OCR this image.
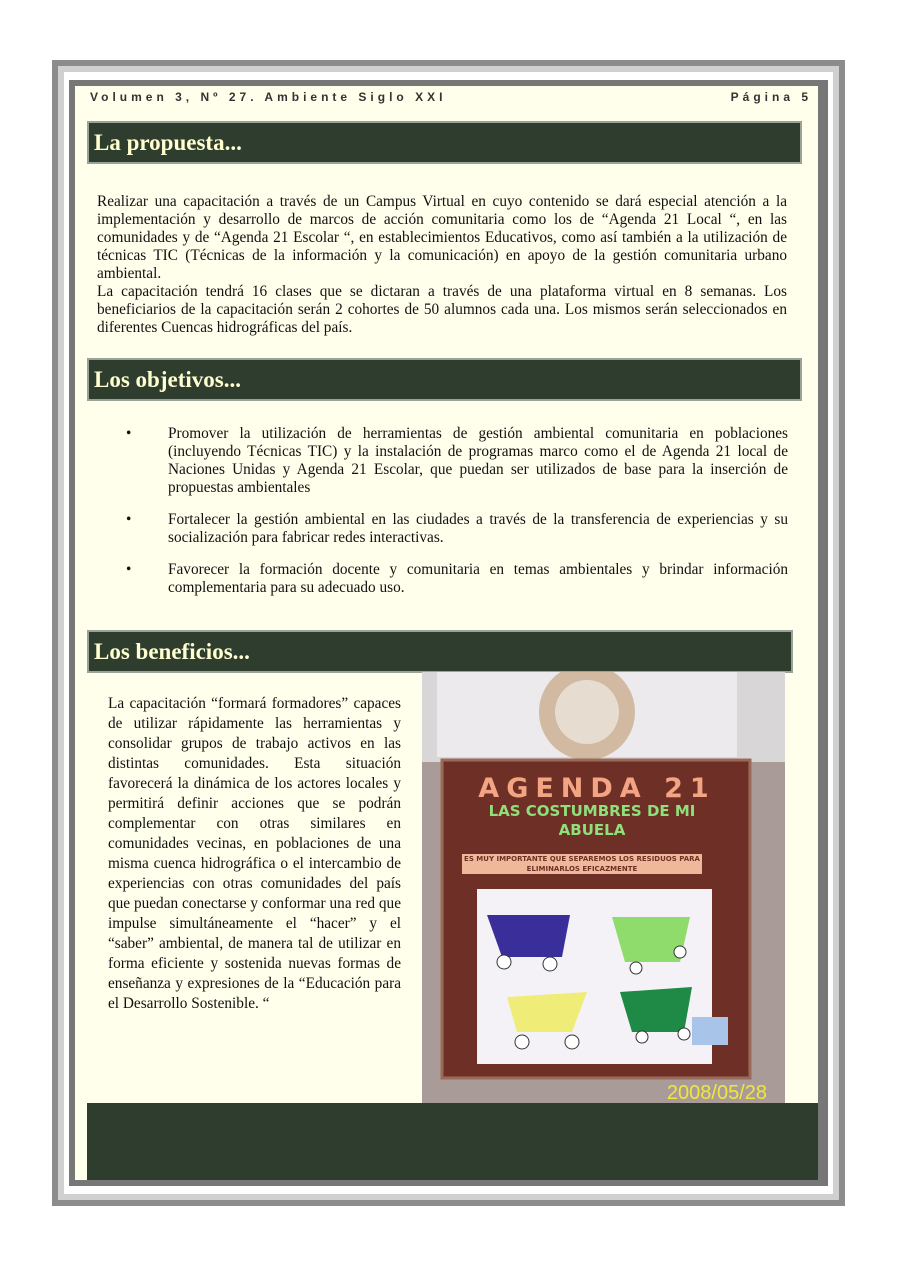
Volumen 3, Nº 27. Ambiente Siglo XXI	Página 5
La propuesta...
Realizar una capacitación a través de un Campus Virtual en cuyo contenido se dará especial atención a la implementación y desarrollo de marcos de acción comunitaria como los de “Agenda 21 Local “, en las comunidades y de “Agenda 21 Escolar “, en establecimientos Educativos, como así también a la utilización de técnicas TIC (Técnicas de la información y la comunicación) en apoyo de la gestión comunitaria urbano ambiental.
La capacitación tendrá 16 clases que se dictaran a través de una plataforma virtual en 8 semanas. Los beneficiarios de la capacitación serán 2 cohortes de 50 alumnos cada una. Los mismos serán seleccionados en diferentes Cuencas hidrográficas del país.
Los objetivos...
• Promover la utilización de herramientas de gestión ambiental comunitaria en poblaciones (incluyendo Técnicas TIC) y la instalación de programas marco como el de Agenda 21 local de Naciones Unidas y Agenda 21 Escolar, que puedan ser utilizados de base para la inserción de propuestas ambientales
• Fortalecer la gestión ambiental en las ciudades a través de la transferencia de experiencias y su socialización para fabricar redes interactivas.
• Favorecer la formación docente y comunitaria en temas ambientales y brindar información complementaria para su adecuado uso.
Los beneficios...
La capacitación “formará formadores” capaces de utilizar rápidamente las herramientas y consolidar grupos de trabajo activos en las distintas comunidades. Esta situación favorecerá la dinámica de los actores locales y permitirá definir acciones que se podrán complementar con otras similares en comunidades vecinas, en poblaciones de una misma cuenca hidrográfica o el intercambio de experiencias con otras comunidades del país que puedan conectarse y conformar una red que impulse simultáneamente el “hacer” y el “saber” ambiental, de manera tal de utilizar en forma eficiente y sostenida nuevas formas de enseñanza y expresiones de la “Educación para el Desarrollo Sostenible. “
AGENDA 21
LAS COSTUMBRES DE MI ABUELA
ES MUY IMPORTANTE QUE SEPAREMOS LOS RESIDUOS PARA ELIMINARLOS EFICAZMENTE
2008/05/28
